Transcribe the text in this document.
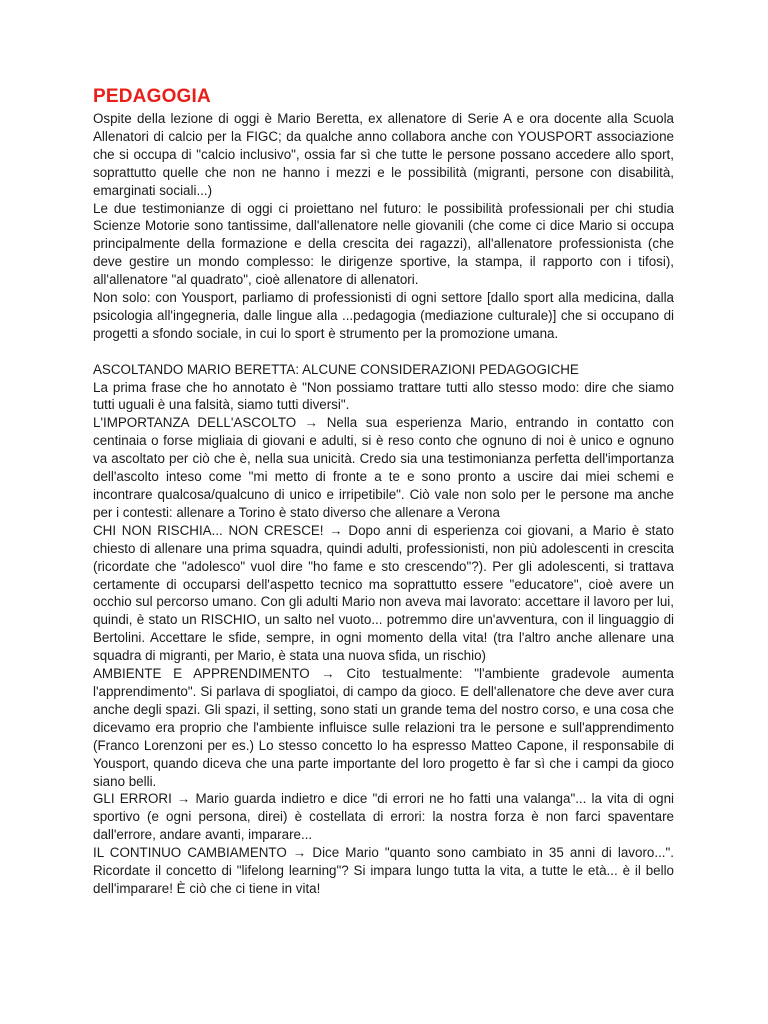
PEDAGOGIA

Ospite della lezione di oggi è Mario Beretta, ex allenatore di Serie A e ora docente alla Scuola Allenatori di calcio per la FIGC; da qualche anno collabora anche con YOUSPORT associazione che si occupa di "calcio inclusivo", ossia far sì che tutte le persone possano accedere allo sport, soprattutto quelle che non ne hanno i mezzi e le possibilità (migranti, persone con disabilità, emarginati sociali...)

Le due testimonianze di oggi ci proiettano nel futuro: le possibilità professionali per chi studia Scienze Motorie sono tantissime, dall'allenatore nelle giovanili (che come ci dice Mario si occupa principalmente della formazione e della crescita dei ragazzi), all'allenatore professionista (che deve gestire un mondo complesso: le dirigenze sportive, la stampa, il rapporto con i tifosi), all'allenatore "al quadrato", cioè allenatore di allenatori.

Non solo: con Yousport, parliamo di professionisti di ogni settore [dallo sport alla medicina, dalla psicologia all'ingegneria, dalle lingue alla ...pedagogia (mediazione culturale)] che si occupano di progetti a sfondo sociale, in cui lo sport è strumento per la promozione umana.

ASCOLTANDO MARIO BERETTA: ALCUNE CONSIDERAZIONI PEDAGOGICHE

La prima frase che ho annotato è "Non possiamo trattare tutti allo stesso modo: dire che siamo tutti uguali è una falsità, siamo tutti diversi".

L'IMPORTANZA DELL'ASCOLTO → Nella sua esperienza Mario, entrando in contatto con centinaia o forse migliaia di giovani e adulti, si è reso conto che ognuno di noi è unico e ognuno va ascoltato per ciò che è, nella sua unicità. Credo sia una testimonianza perfetta dell'importanza dell'ascolto inteso come "mi metto di fronte a te e sono pronto a uscire dai miei schemi e incontrare qualcosa/qualcuno di unico e irripetibile". Ciò vale non solo per le persone ma anche per i contesti: allenare a Torino è stato diverso che allenare a Verona

CHI NON RISCHIA... NON CRESCE! → Dopo anni di esperienza coi giovani, a Mario è stato chiesto di allenare una prima squadra, quindi adulti, professionisti, non più adolescenti in crescita (ricordate che "adolesco" vuol dire "ho fame e sto crescendo"?). Per gli adolescenti, si trattava certamente di occuparsi dell'aspetto tecnico ma soprattutto essere "educatore", cioè avere un occhio sul percorso umano. Con gli adulti Mario non aveva mai lavorato: accettare il lavoro per lui, quindi, è stato un RISCHIO, un salto nel vuoto... potremmo dire un'avventura, con il linguaggio di Bertolini. Accettare le sfide, sempre, in ogni momento della vita! (tra l'altro anche allenare una squadra di migranti, per Mario, è stata una nuova sfida, un rischio)

AMBIENTE E APPRENDIMENTO → Cito testualmente: "l'ambiente gradevole aumenta l'apprendimento". Si parlava di spogliatoi, di campo da gioco. E dell'allenatore che deve aver cura anche degli spazi. Gli spazi, il setting, sono stati un grande tema del nostro corso, e una cosa che dicevamo era proprio che l'ambiente influisce sulle relazioni tra le persone e sull'apprendimento (Franco Lorenzoni per es.) Lo stesso concetto lo ha espresso Matteo Capone, il responsabile di Yousport, quando diceva che una parte importante del loro progetto è far sì che i campi da gioco siano belli.

GLI ERRORI → Mario guarda indietro e dice "di errori ne ho fatti una valanga"... la vita di ogni sportivo (e ogni persona, direi) è costellata di errori: la nostra forza è non farci spaventare dall'errore, andare avanti, imparare...

IL CONTINUO CAMBIAMENTO → Dice Mario "quanto sono cambiato in 35 anni di lavoro...". Ricordate il concetto di "lifelong learning"? Si impara lungo tutta la vita, a tutte le età... è il bello dell'imparare! È ciò che ci tiene in vita!
